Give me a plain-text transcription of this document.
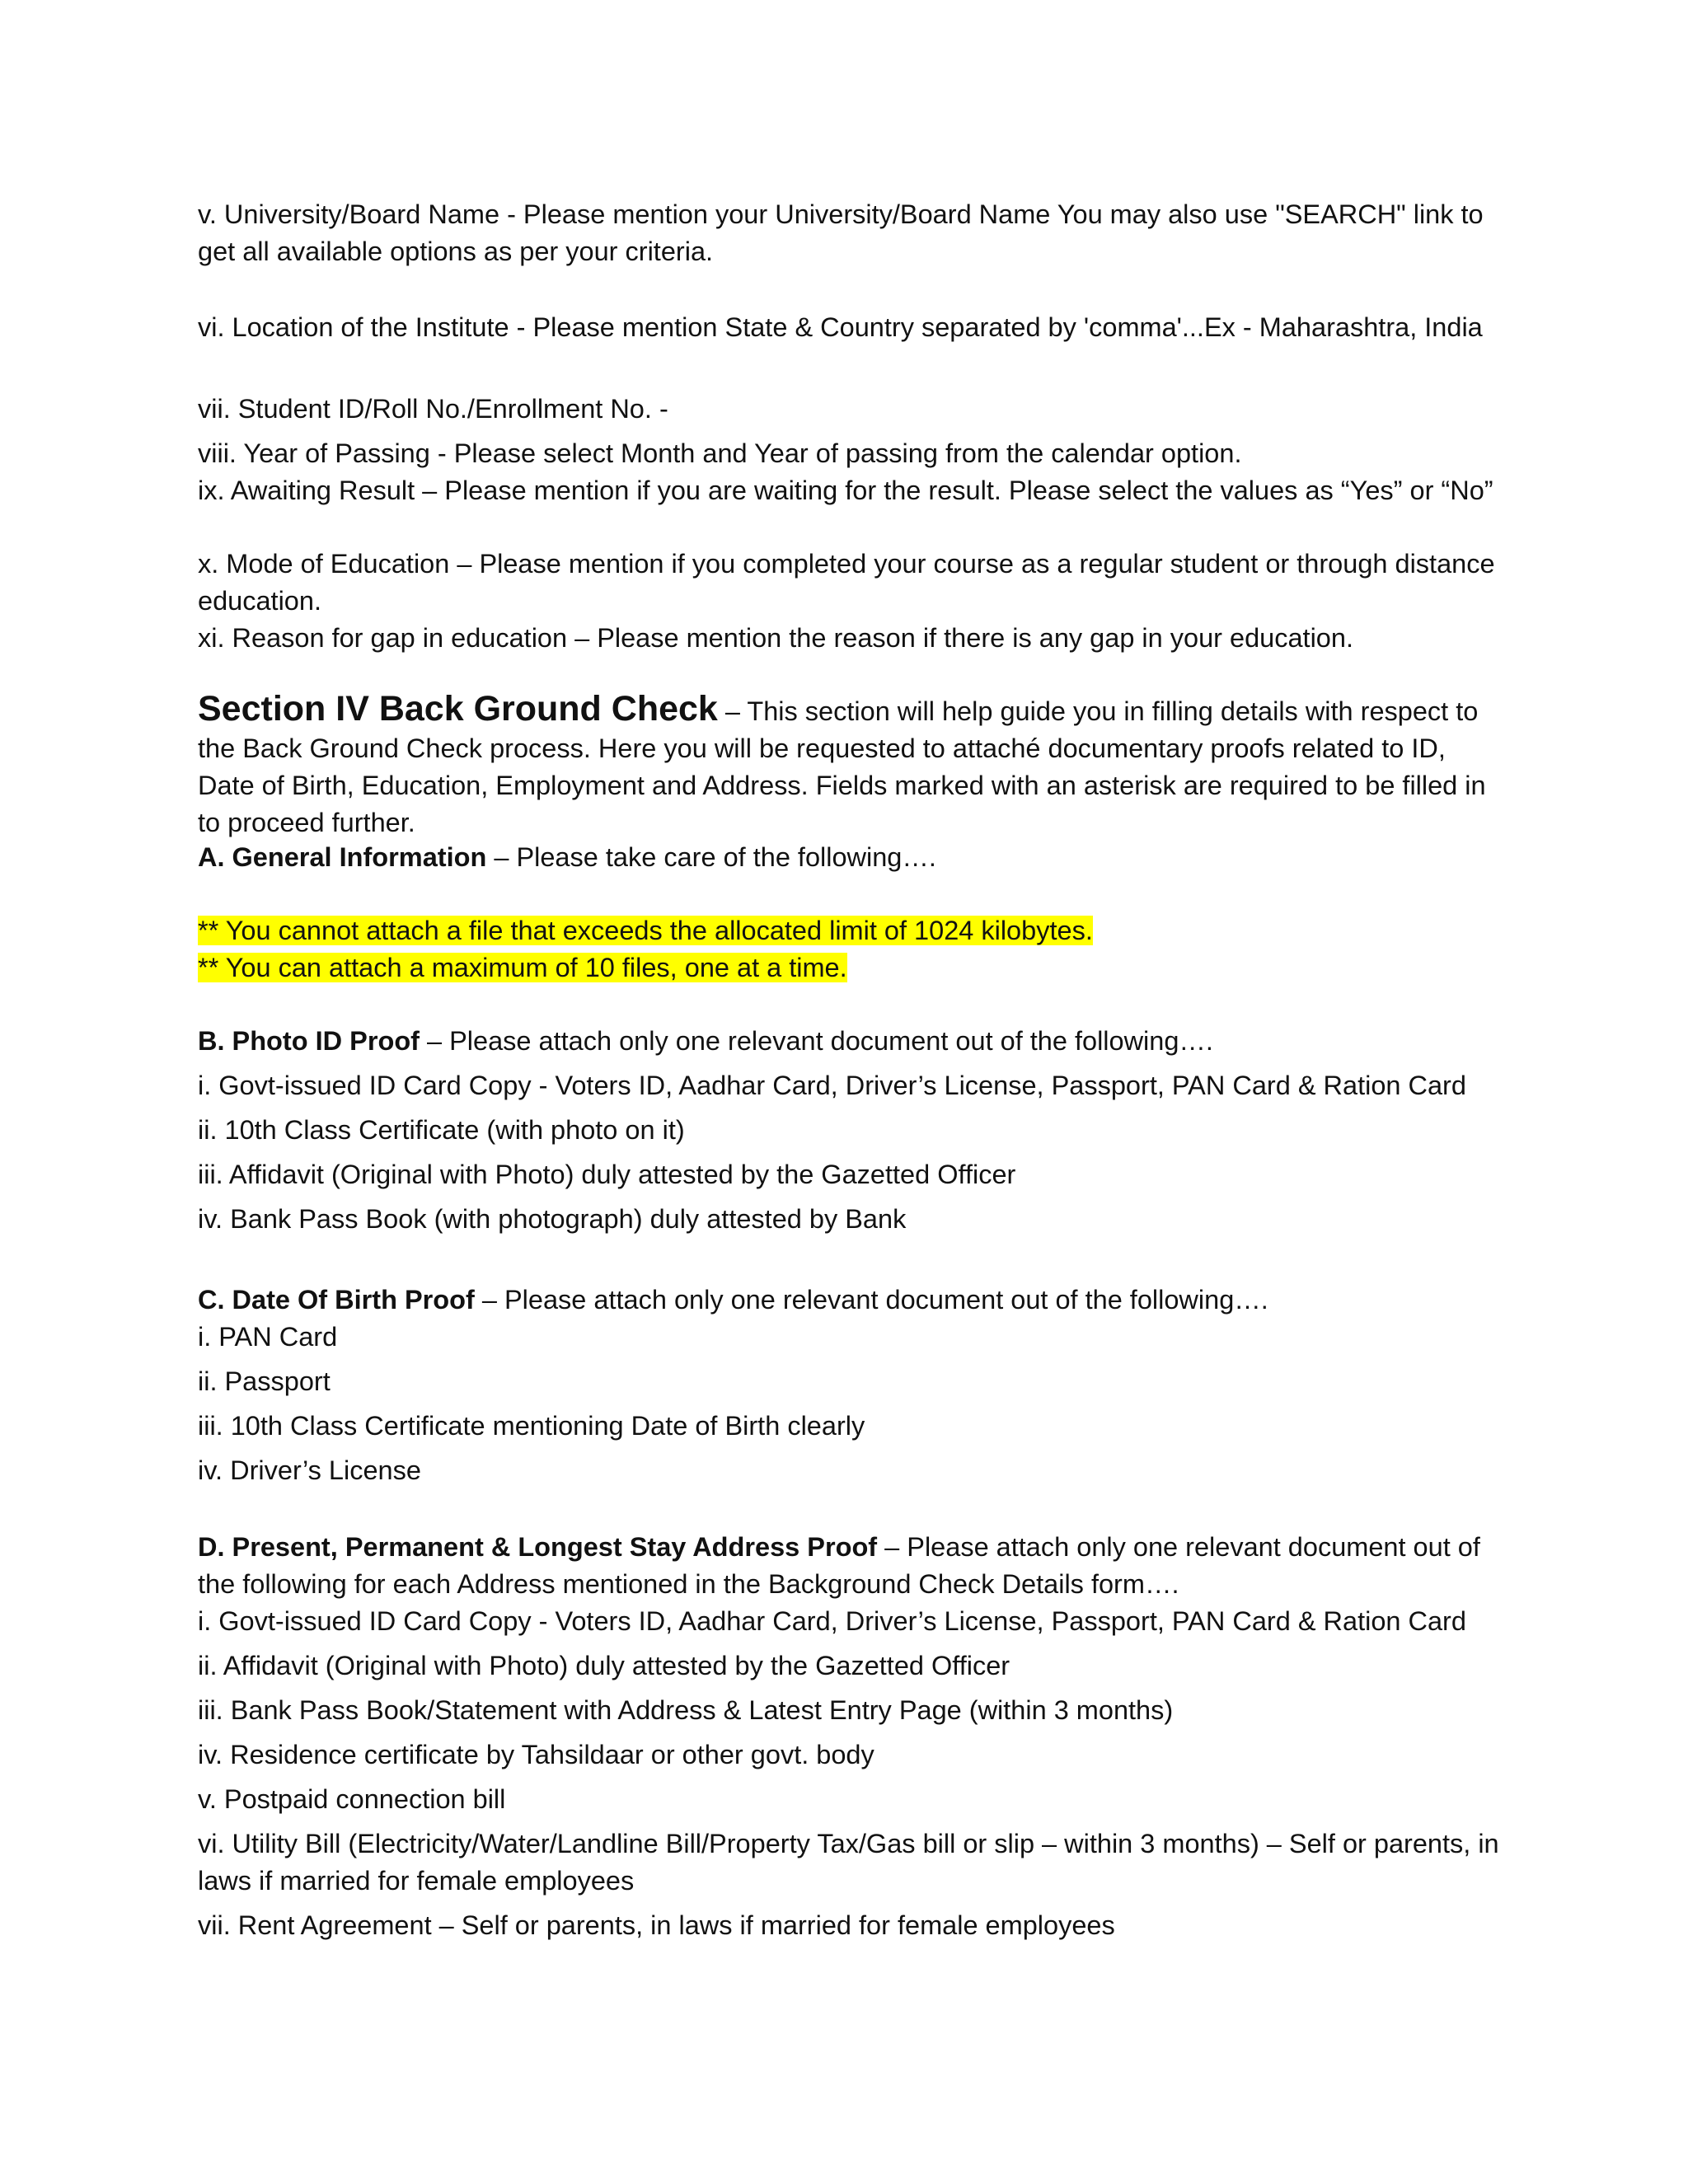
v. University/Board Name - Please mention your University/Board Name You may also use "SEARCH" link to get all available options as per your criteria.
vi. Location of the Institute - Please mention State & Country separated by 'comma'...Ex - Maharashtra, India
vii. Student ID/Roll No./Enrollment No. -
viii. Year of Passing - Please select Month and Year of passing from the calendar option.
ix. Awaiting Result – Please mention if you are waiting for the result. Please select the values as “Yes” or “No”
x. Mode of Education – Please mention if you completed your course as a regular student or through distance education.
xi. Reason for gap in education – Please mention the reason if there is any gap in your education.
Section IV Back Ground Check – This section will help guide you in filling details with respect to the Back Ground Check process. Here you will be requested to attaché documentary proofs related to ID, Date of Birth, Education, Employment and Address. Fields marked with an asterisk are required to be filled in to proceed further.
A. General Information – Please take care of the following….
** You cannot attach a file that exceeds the allocated limit of 1024 kilobytes.
** You can attach a maximum of 10 files, one at a time.
B. Photo ID Proof – Please attach only one relevant document out of the following….
i. Govt-issued ID Card Copy - Voters ID, Aadhar Card, Driver’s License, Passport, PAN Card & Ration Card
ii. 10th Class Certificate (with photo on it)
iii. Affidavit (Original with Photo) duly attested by the Gazetted Officer
iv. Bank Pass Book (with photograph) duly attested by Bank
C. Date Of Birth Proof – Please attach only one relevant document out of the following….
i. PAN Card
ii. Passport
iii. 10th Class Certificate mentioning Date of Birth clearly
iv. Driver’s License
D. Present, Permanent & Longest Stay Address Proof – Please attach only one relevant document out of the following for each Address mentioned in the Background Check Details form….
i. Govt-issued ID Card Copy - Voters ID, Aadhar Card, Driver’s License, Passport, PAN Card & Ration Card
ii. Affidavit (Original with Photo) duly attested by the Gazetted Officer
iii. Bank Pass Book/Statement with Address & Latest Entry Page (within 3 months)
iv. Residence certificate by Tahsildaar or other govt. body
v. Postpaid connection bill
vi. Utility Bill (Electricity/Water/Landline Bill/Property Tax/Gas bill or slip – within 3 months) – Self or parents, in laws if married for female employees
vii. Rent Agreement – Self or parents, in laws if married for female employees
